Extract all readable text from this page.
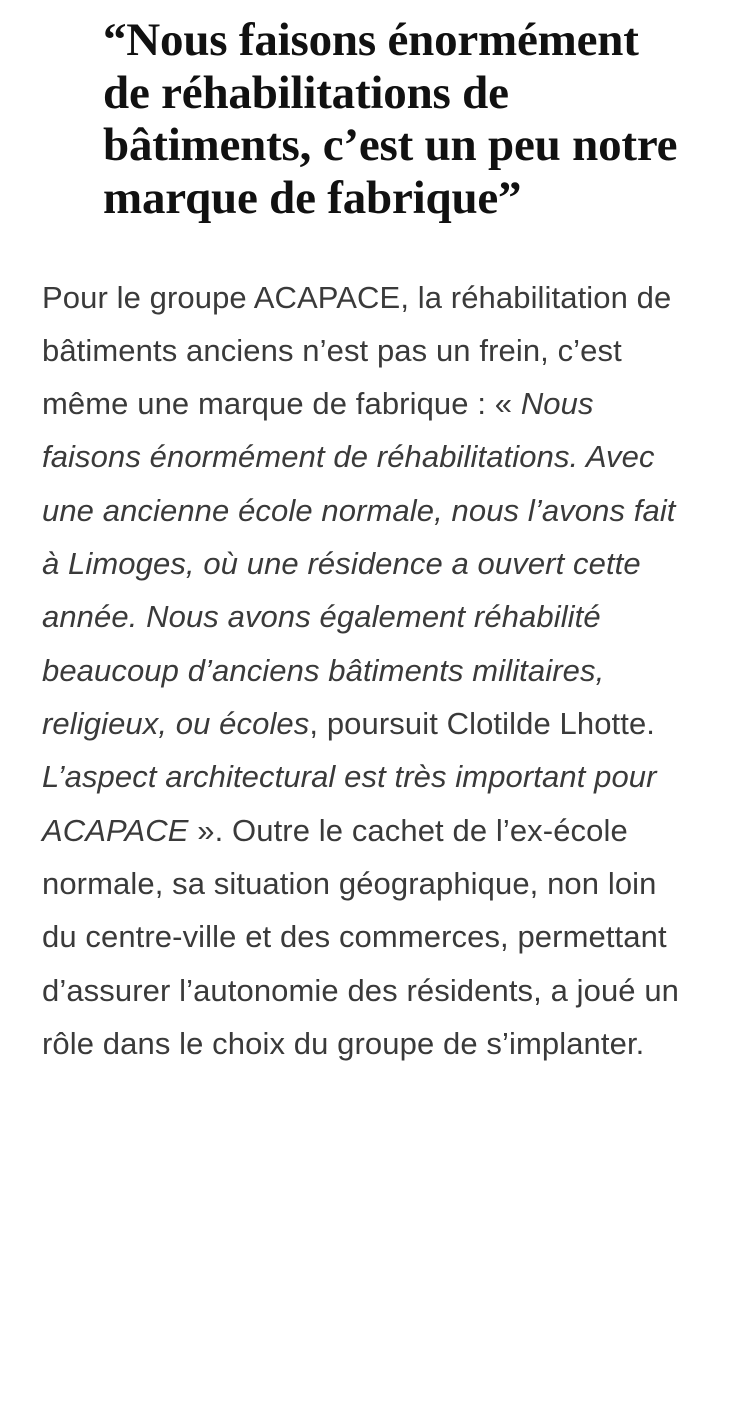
“Nous faisons énormément de réhabilitations de bâtiments, c’est un peu notre marque de fabrique”

Pour le groupe ACAPACE, la réhabilitation de bâtiments anciens n’est pas un frein, c’est même une marque de fabrique : « Nous faisons énormément de réhabilitations. Avec une ancienne école normale, nous l’avons fait à Limoges, où une résidence a ouvert cette année. Nous avons également réhabilité beaucoup d’anciens bâtiments militaires, religieux, ou écoles, poursuit Clotilde Lhotte. L’aspect architectural est très important pour ACAPACE ». Outre le cachet de l’ex-école normale, sa situation géographique, non loin du centre-ville et des commerces, permettant d’assurer l’autonomie des résidents, a joué un rôle dans le choix du groupe de s’implanter.
